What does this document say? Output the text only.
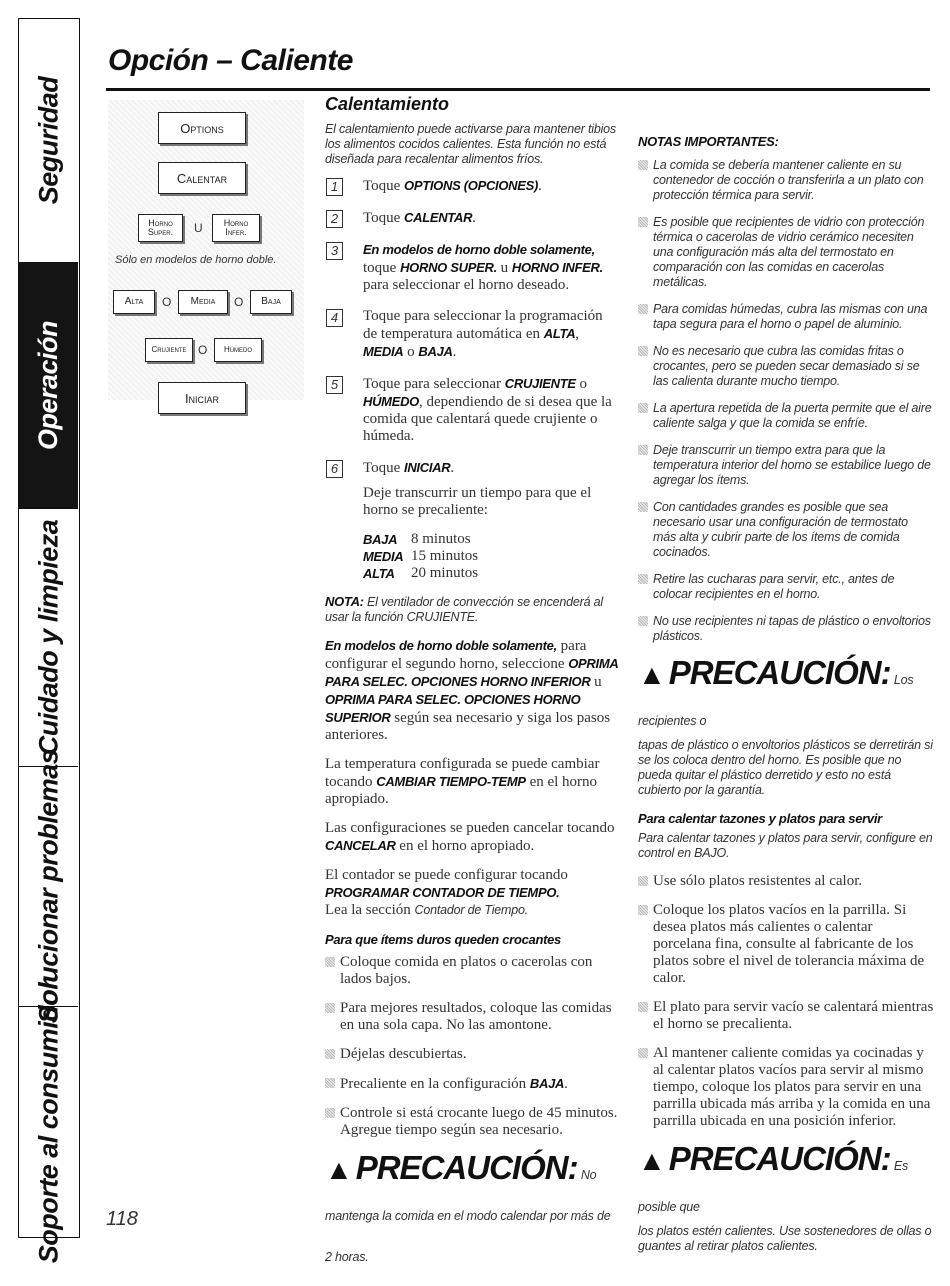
Seguridad
Operación
Cuidado y limpieza
Solucionar problemas
Soporte al consumidor
Opción – Caliente
Options
Calentar
Horno Super.	U	Horno Infer.
Alta	O	Media	O	Baja
Crujiente O	Húmedo
Iniciar
Sólo en modelos de horno doble.
Calentamiento
El calentamiento puede activarse para mantener tibios los alimentos cocidos calientes. Esta función no está diseñada para recalentar alimentos fríos.
1	Toque OPTIONS (OPCIONES).
2	Toque CALENTAR.
3	En modelos de horno doble solamente, toque HORNO SUPER. u HORNO INFER. para seleccionar el horno deseado.
4	Toque para seleccionar la programación de temperatura automática en ALTA, MEDIA o BAJA.
5	Toque para seleccionar CRUJIENTE o HÚMEDO, dependiendo de si desea que la comida que calentará quede crujiente o húmeda.
6	Toque INICIAR.
Deje transcurrir un tiempo para que el horno se precaliente:
BAJA 8 minutos
MEDIA 15 minutos
ALTA	20 minutos
NOTA: El ventilador de convección se encenderá al usar la función CRUJIENTE.
En modelos de horno doble solamente, para configurar el segundo horno, seleccione OPRIMA PARA SELEC. OPCIONES HORNO INFERIOR u OPRIMA PARA SELEC. OPCIONES HORNO SUPERIOR según sea necesario y siga los pasos anteriores.
La temperatura configurada se puede cambiar tocando CAMBIAR TIEMPO-TEMP en el horno apropiado.
Las configuraciones se pueden cancelar tocando CANCELAR en el horno apropiado.
El contador se puede configurar tocando PROGRAMAR CONTADOR DE TIEMPO.
Lea la sección Contador de Tiempo.
Para que ítems duros queden crocantes
Coloque comida en platos o cacerolas con lados bajos.
Para mejores resultados, coloque las comidas en una sola capa. No las amontone.
Déjelas descubiertas.
Precaliente en la configuración BAJA.
Controle si está crocante luego de 45 minutos. Agregue tiempo según sea necesario.
▲ PRECAUCIÓN: No mantenga la comida en el modo calendar por más de 2 horas.
NOTAS IMPORTANTES:
La comida se debería mantener caliente en su contenedor de cocción o transferirla a un plato con protección térmica para servir.
Es posible que recipientes de vidrio con protección térmica o cacerolas de vidrio cerámico necesiten una configuración más alta del termostato en comparación con las comidas en cacerolas metálicas.
Para comidas húmedas, cubra las mismas con una tapa segura para el horno o papel de aluminio.
No es necesario que cubra las comidas fritas o crocantes, pero se pueden secar demasiado si se las calienta durante mucho tiempo.
La apertura repetida de la puerta permite que el aire caliente salga y que la comida se enfríe.
Deje transcurrir un tiempo extra para que la temperatura interior del horno se estabilice luego de agregar los ítems.
Con cantidades grandes es posible que sea necesario usar una configuración de termostato más alta y cubrir parte de los ítems de comida cocinados.
Retire las cucharas para servir, etc., antes de colocar recipientes en el horno.
No use recipientes ni tapas de plástico o envoltorios plásticos.
▲ PRECAUCIÓN: Los recipientes o
tapas de plástico o envoltorios plásticos se derretirán si se los coloca dentro del horno. Es posible que no pueda quitar el plástico derretido y esto no está cubierto por la garantía.
Para calentar tazones y platos para servir
Para calentar tazones y platos para servir, configure en control en BAJO.
Use sólo platos resistentes al calor.
Coloque los platos vacíos en la parrilla. Si desea platos más calientes o calentar porcelana fina, consulte al fabricante de los platos sobre el nivel de tolerancia máxima de calor.
El plato para servir vacío se calentará mientras el horno se precalienta.
Al mantener caliente comidas ya cocinadas y al calentar platos vacíos para servir al mismo tiempo, coloque los platos para servir en una parrilla ubicada más arriba y la comida en una parrilla ubicada en una posición inferior.
▲ PRECAUCIÓN: Es posible que
los platos estén calientes. Use sostenedores de ollas o guantes al retirar platos calientes.
118
